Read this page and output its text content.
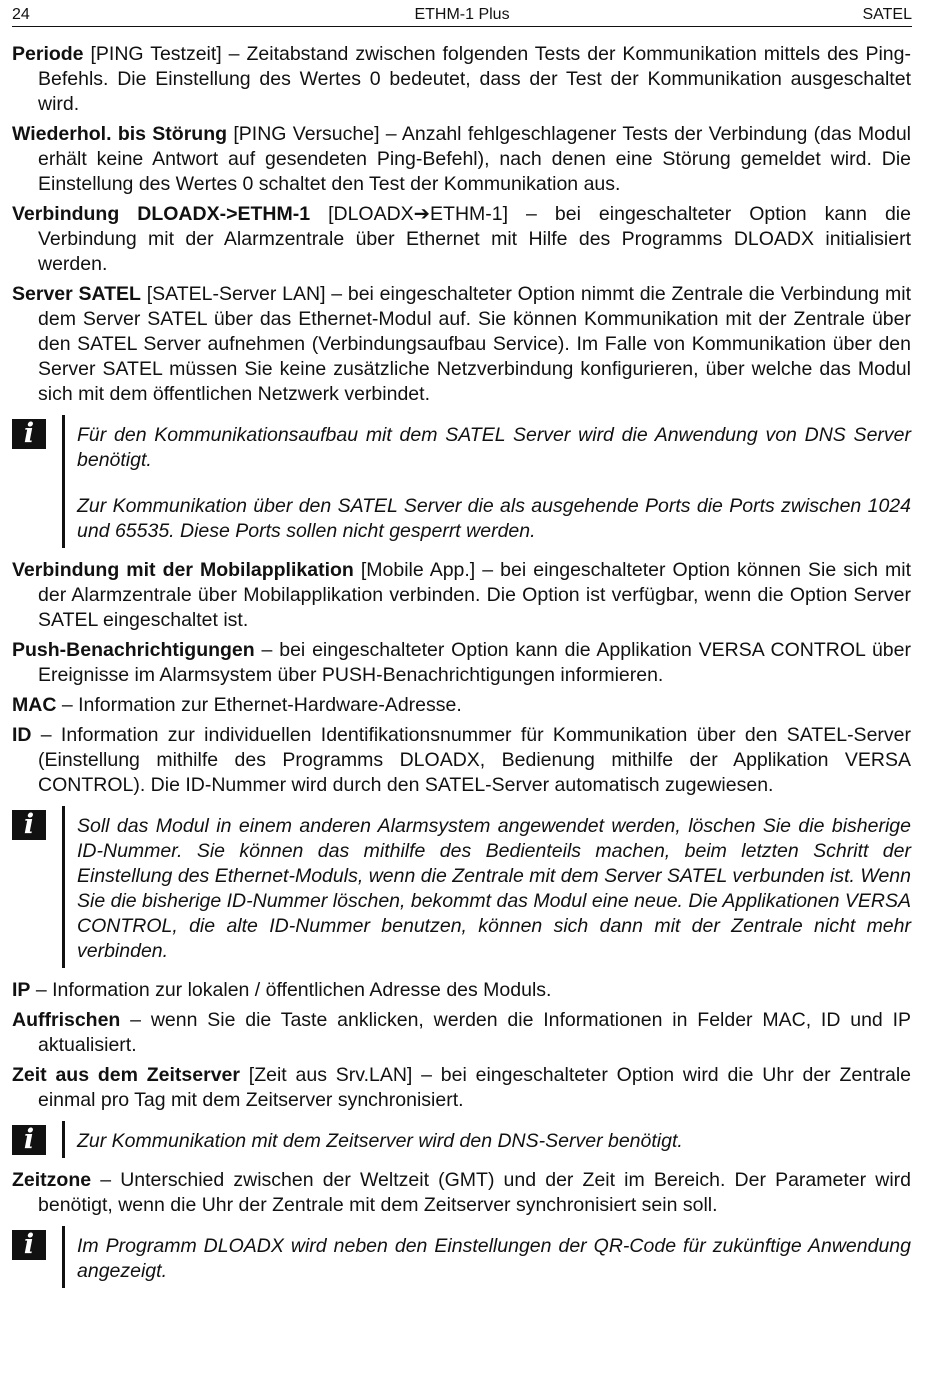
24	ETHM-1 Plus	SATEL

Periode [PING Testzeit] – Zeitabstand zwischen folgenden Tests der Kommunikation mittels des Ping-Befehls. Die Einstellung des Wertes 0 bedeutet, dass der Test der Kommunikation ausgeschaltet wird.

Wiederhol. bis Störung [PING Versuche] – Anzahl fehlgeschlagener Tests der Verbindung (das Modul erhält keine Antwort auf gesendeten Ping-Befehl), nach denen eine Störung gemeldet wird. Die Einstellung des Wertes 0 schaltet den Test der Kommunikation aus.

Verbindung DLOADX->ETHM-1 [DLOADX➔ETHM-1] – bei eingeschalteter Option kann die Verbindung mit der Alarmzentrale über Ethernet mit Hilfe des Programms DLOADX initialisiert werden.

Server SATEL [SATEL-Server LAN] – bei eingeschalteter Option nimmt die Zentrale die Verbindung mit dem Server SATEL über das Ethernet-Modul auf. Sie können Kommunikation mit der Zentrale über den SATEL Server aufnehmen (Verbindungsaufbau Service). Im Falle von Kommunikation über den Server SATEL müssen Sie keine zusätzliche Netzverbindung konfigurieren, über welche das Modul sich mit dem öffentlichen Netzwerk verbindet.

i	Für den Kommunikationsaufbau mit dem SATEL Server wird die Anwendung von DNS Server benötigt.

Zur Kommunikation über den SATEL Server die als ausgehende Ports die Ports zwischen 1024 und 65535. Diese Ports sollen nicht gesperrt werden.

Verbindung mit der Mobilapplikation [Mobile App.] – bei eingeschalteter Option können Sie sich mit der Alarmzentrale über Mobilapplikation verbinden. Die Option ist verfügbar, wenn die Option Server SATEL eingeschaltet ist.

Push-Benachrichtigungen – bei eingeschalteter Option kann die Applikation VERSA CONTROL über Ereignisse im Alarmsystem über PUSH-Benachrichtigungen informieren.

MAC – Information zur Ethernet-Hardware-Adresse.

ID – Information zur individuellen Identifikationsnummer für Kommunikation über den SATEL-Server (Einstellung mithilfe des Programms DLOADX, Bedienung mithilfe der Applikation VERSA CONTROL). Die ID-Nummer wird durch den SATEL-Server automatisch zugewiesen.

i	Soll das Modul in einem anderen Alarmsystem angewendet werden, löschen Sie die bisherige ID-Nummer. Sie können das mithilfe des Bedienteils machen, beim letzten Schritt der Einstellung des Ethernet-Moduls, wenn die Zentrale mit dem Server SATEL verbunden ist. Wenn Sie die bisherige ID-Nummer löschen, bekommt das Modul eine neue. Die Applikationen VERSA CONTROL, die alte ID-Nummer benutzen, können sich dann mit der Zentrale nicht mehr verbinden.

IP – Information zur lokalen / öffentlichen Adresse des Moduls.

Auffrischen – wenn Sie die Taste anklicken, werden die Informationen in Felder MAC, ID und IP aktualisiert.

Zeit aus dem Zeitserver [Zeit aus Srv.LAN] – bei eingeschalteter Option wird die Uhr der Zentrale einmal pro Tag mit dem Zeitserver synchronisiert.

i	Zur Kommunikation mit dem Zeitserver wird den DNS-Server benötigt.

Zeitzone – Unterschied zwischen der Weltzeit (GMT) und der Zeit im Bereich. Der Parameter wird benötigt, wenn die Uhr der Zentrale mit dem Zeitserver synchronisiert sein soll.

i	Im Programm DLOADX wird neben den Einstellungen der QR-Code für zukünftige Anwendung angezeigt.
